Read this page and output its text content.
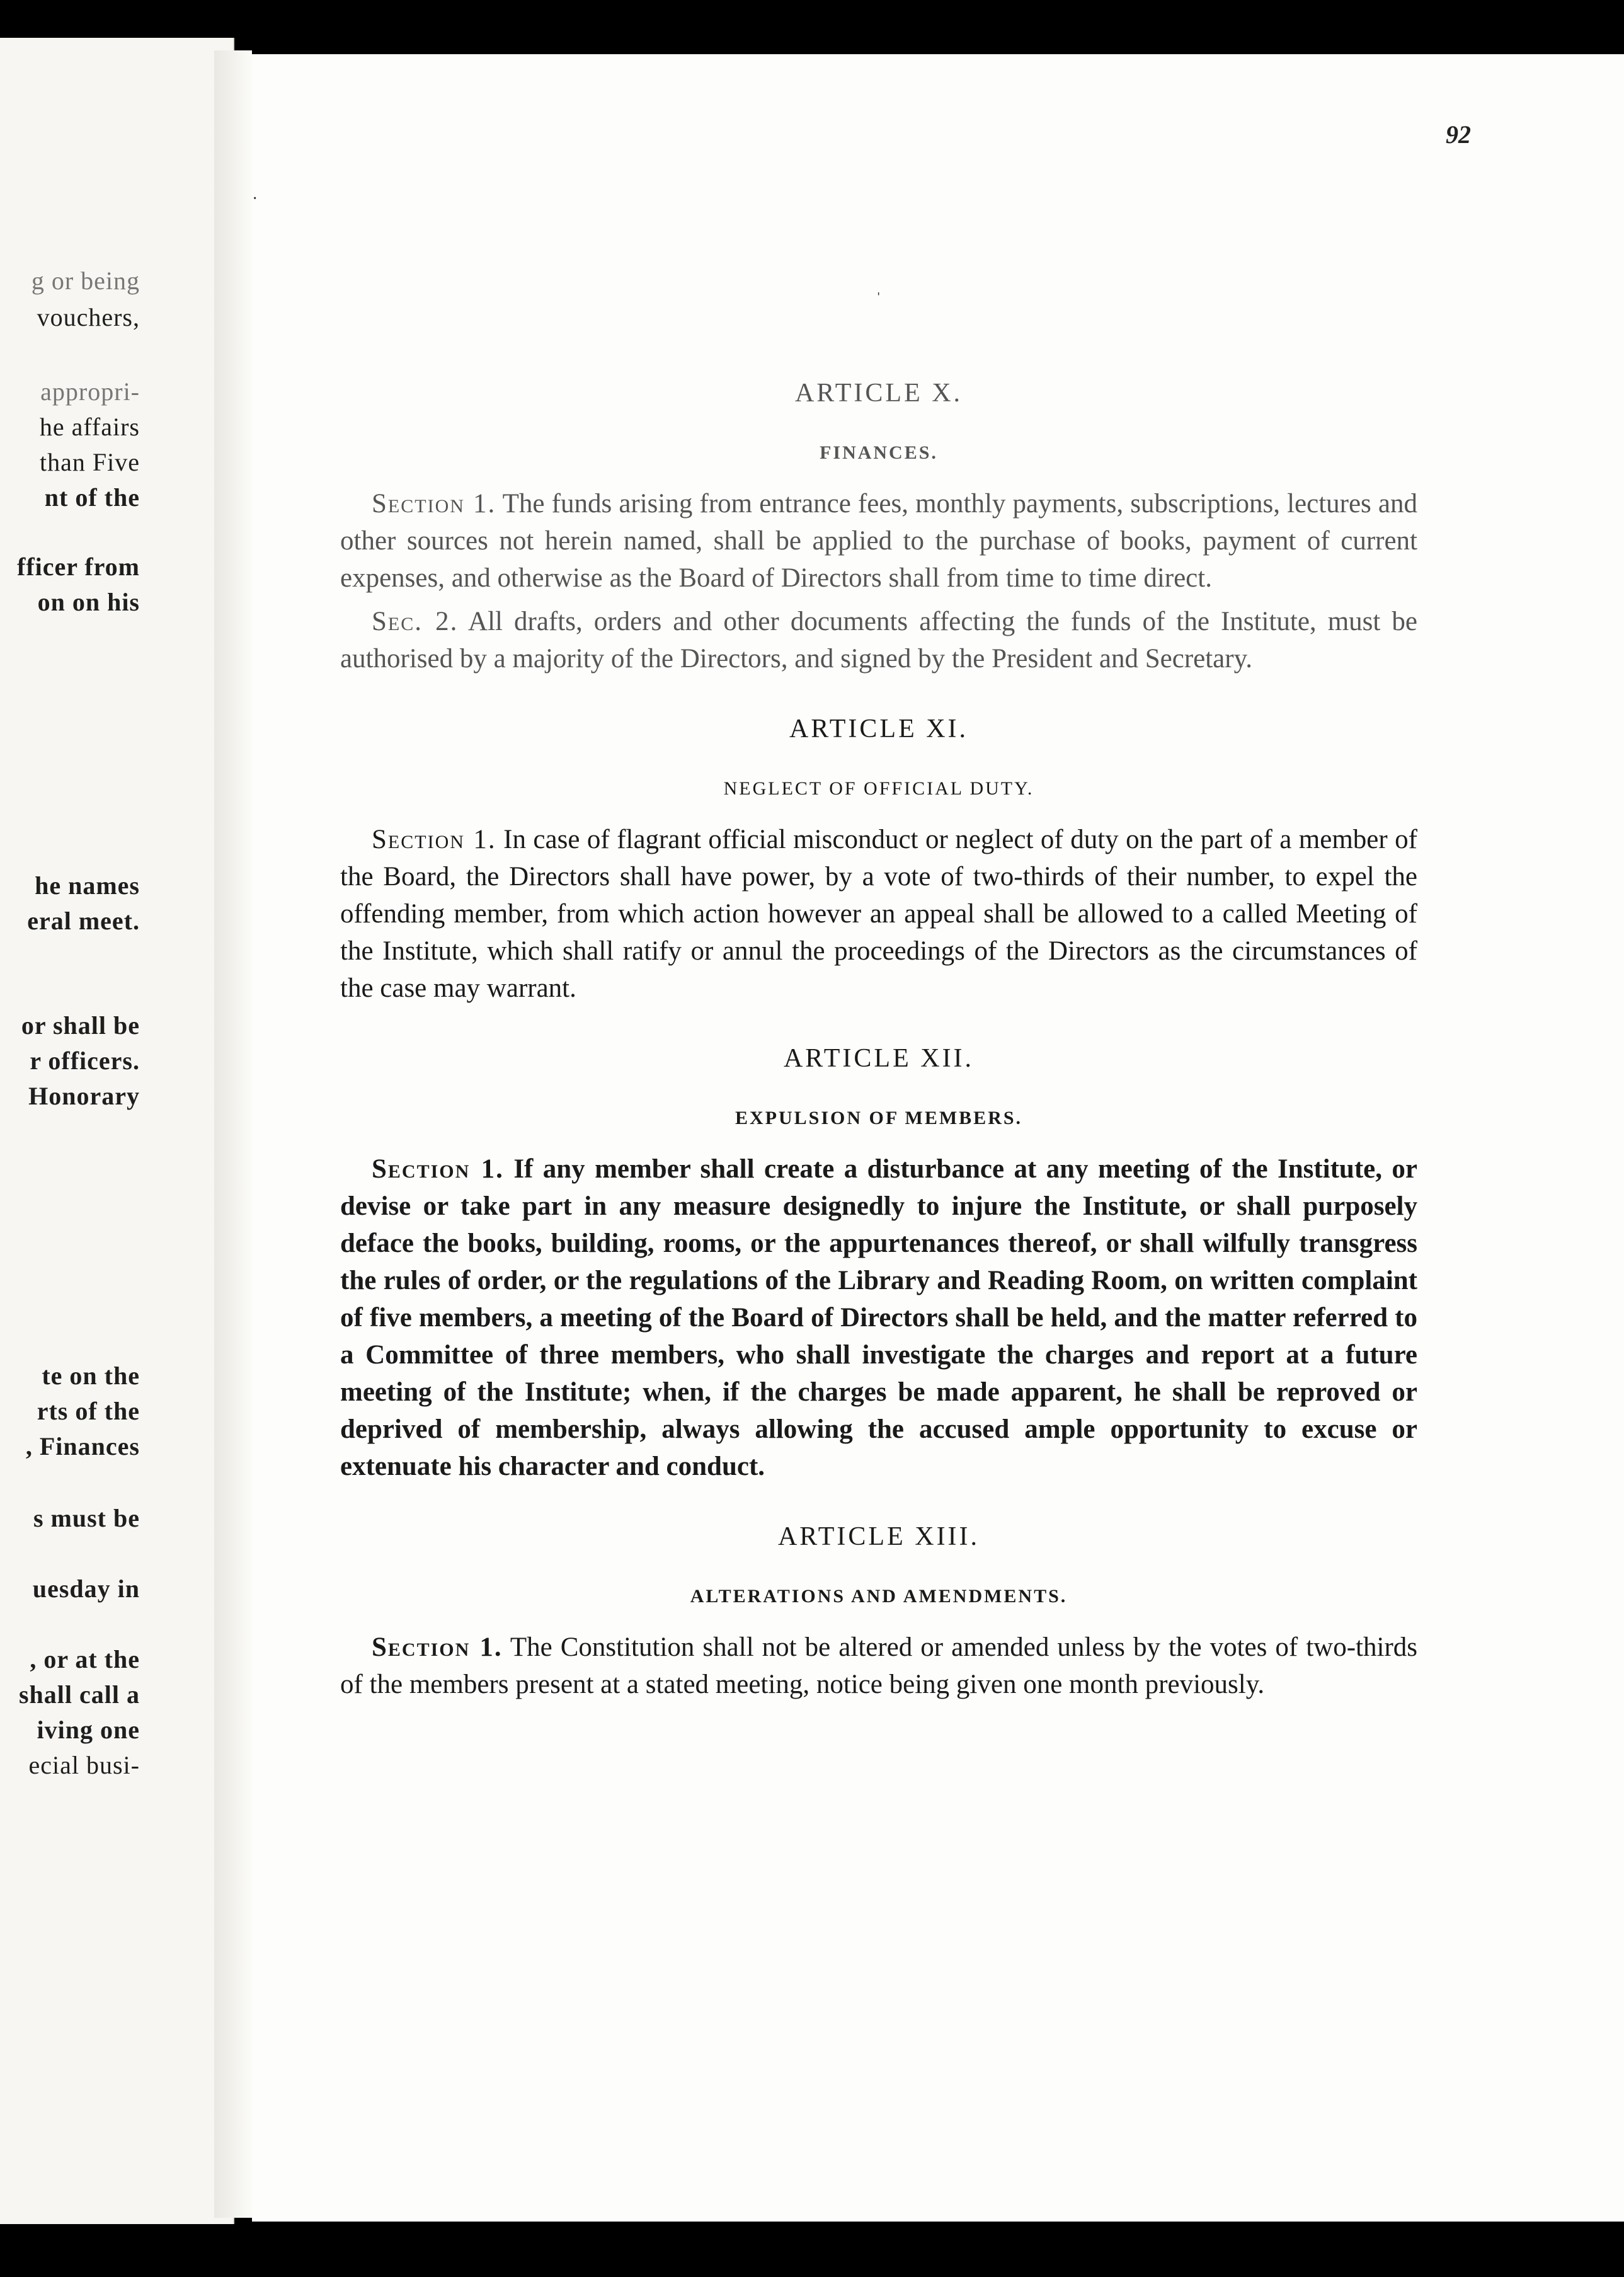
g or being
vouchers,
appropri-
he affairs
than Five
nt of the
fficer from
on on his
he names
eral meet.
or shall be
r officers.
Honorary
te on the
rts of the
, Finances
s must be
uesday in
, or at the
shall call a
iving one
ecial busi-
92
·
ˈ
ARTICLE X.
FINANCES.

Section 1. The funds arising from entrance fees, monthly payments, subscriptions, lectures and other sources not herein named, shall be applied to the purchase of books, payment of current expenses, and otherwise as the Board of Directors shall from time to time direct.

Sec. 2. All drafts, orders and other documents affecting the funds of the Institute, must be authorised by a majority of the Directors, and signed by the President and Secretary.

ARTICLE XI.
NEGLECT OF OFFICIAL DUTY.

Section 1. In case of flagrant official misconduct or neglect of duty on the part of a member of the Board, the Directors shall have power, by a vote of two-thirds of their number, to expel the offending member, from which action however an appeal shall be allowed to a called Meeting of the Institute, which shall ratify or annul the proceedings of the Directors as the circumstances of the case may warrant.

ARTICLE XII.
EXPULSION OF MEMBERS.

Section 1. If any member shall create a disturbance at any meeting of the Institute, or devise or take part in any measure designedly to injure the Institute, or shall purposely deface the books, building, rooms, or the appurtenances thereof, or shall wilfully transgress the rules of order, or the regulations of the Library and Reading Room, on written complaint of five members, a meeting of the Board of Directors shall be held, and the matter referred to a Committee of three members, who shall investigate the charges and report at a future meeting of the Institute; when, if the charges be made apparent, he shall be reproved or deprived of membership, always allowing the accused ample opportunity to excuse or extenuate his character and conduct.

ARTICLE XIII.
ALTERATIONS AND AMENDMENTS.

Section 1. The Constitution shall not be altered or amended unless by the votes of two-thirds of the members present at a stated meeting, notice being given one month previously.
